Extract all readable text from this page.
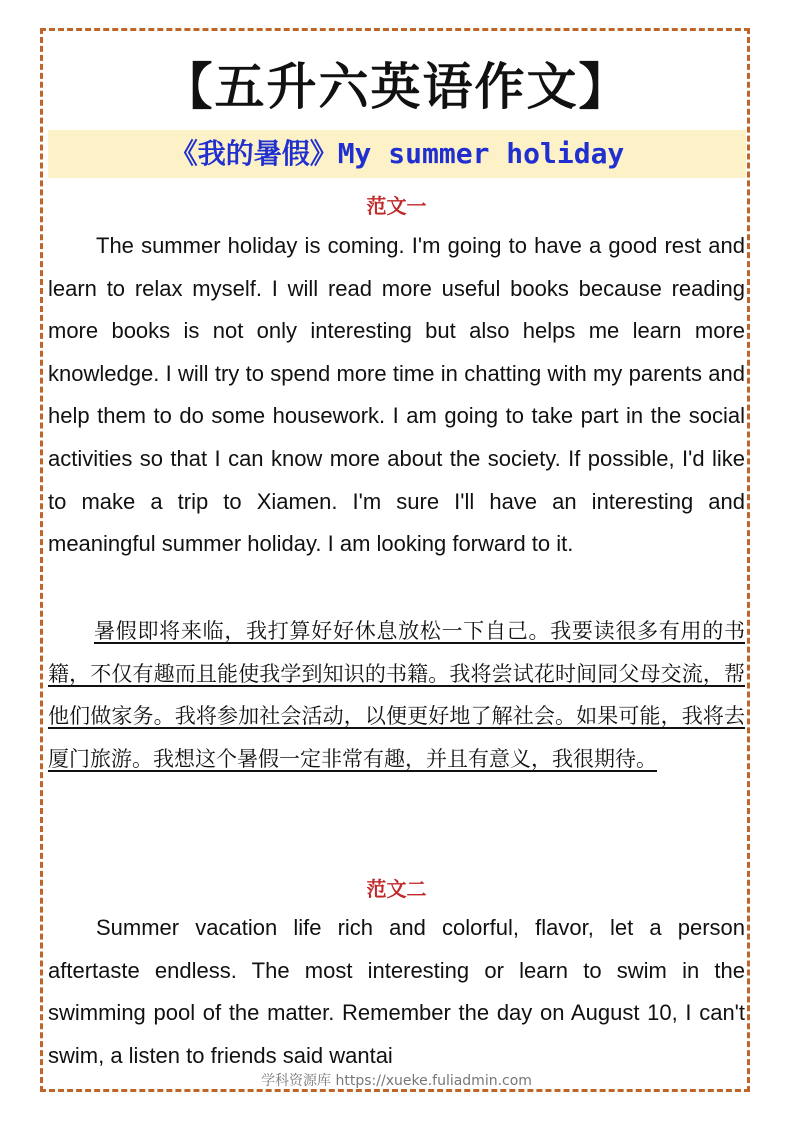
【五升六英语作文】
《我的暑假》My summer holiday
范文一

The summer holiday is coming. I'm going to have a good rest and learn to relax myself. I will read more useful books because reading more books is not only interesting but also helps me learn more knowledge. I will try to spend more time in chatting with my parents and help them to do some housework. I am going to take part in the social activities so that I can know more about the society. If possible, I'd like to make a trip to Xiamen. I'm sure I'll have an interesting and meaningful summer holiday. I am looking forward to it.

暑假即将来临，我打算好好休息放松一下自己。我要读很多有用的书籍，不仅有趣而且能使我学到知识的书籍。我将尝试花时间同父母交流，帮他们做家务。我将参加社会活动，以便更好地了解社会。如果可能，我将去厦门旅游。我想这个暑假一定非常有趣，并且有意义，我很期待。

范文二

Summer vacation life rich and colorful, flavor, let a person aftertaste endless. The most interesting or learn to swim in the swimming pool of the matter. Remember the day on August 10, I can't swim, a listen to friends said wantai

学科资源库 https://xueke.fuliadmin.com
